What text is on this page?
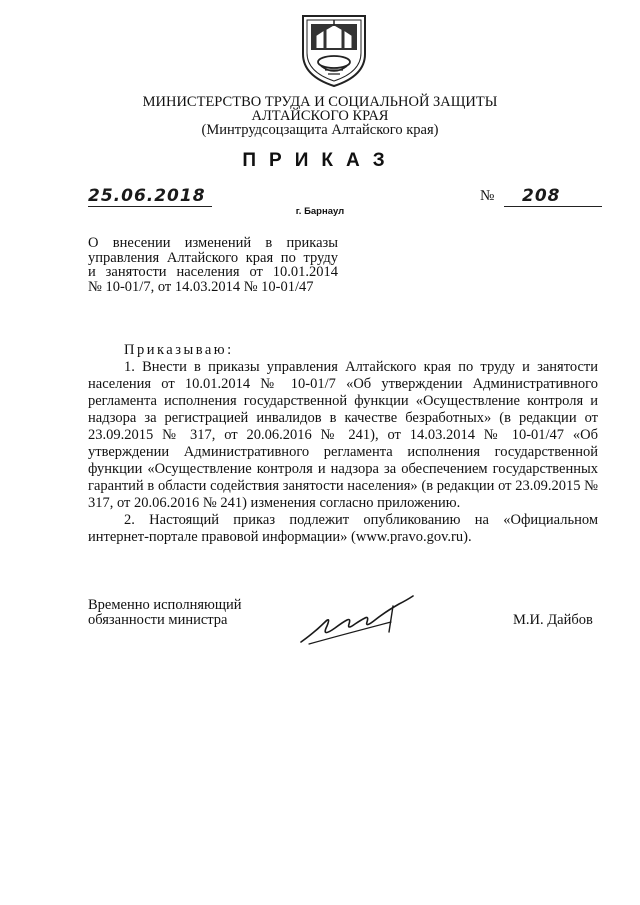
МИНИСТЕРСТВО ТРУДА И СОЦИАЛЬНОЙ ЗАЩИТЫ
АЛТАЙСКОГО КРАЯ
(Минтрудсоцзащита Алтайского края)
ПРИКАЗ
25.06.2018	№	208
г. Барнаул
О внесении изменений в приказы
управления Алтайского края по труду
и занятости населения от 10.01.2014
№ 10-01/7, от 14.03.2014 № 10-01/47

Приказываю:

1. Внести в приказы управления Алтайского края по труду и занятости населения от 10.01.2014 № 10-01/7 «Об утверждении Административного регламента исполнения государственной функции «Осуществление контроля и надзора за регистрацией инвалидов в качестве безработных» (в редакции от 23.09.2015 № 317, от 20.06.2016 № 241), от 14.03.2014 № 10-01/47 «Об утверждении Административного регламента исполнения государственной функции «Осуществление контроля и надзора за обеспечением государственных гарантий в области содействия занятости населения» (в редакции от 23.09.2015 № 317, от 20.06.2016 № 241) изменения согласно приложению.

2. Настоящий приказ подлежит опубликованию на «Официальном интернет-портале правовой информации» (www.pravo.gov.ru).

Временно исполняющий
обязанности министра	М.И. Дайбов
